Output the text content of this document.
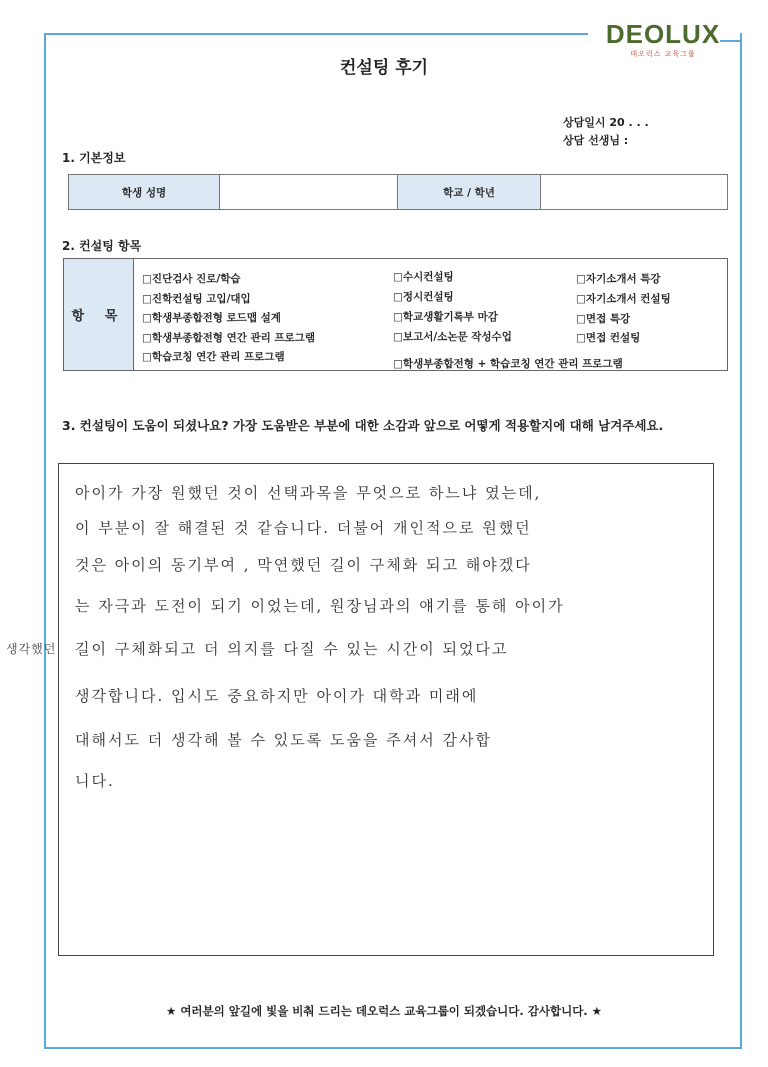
DEOLUX
데오럭스 교육그룹
컨설팅 후기
상담일시 20 . . .
상담 선생님 :
1. 기본정보
학생 성명		학교 / 학년	
2. 컨설팅 항목
항 목
□진단검사 진로/학습
□진학컨설팅 고입/대입
□학생부종합전형 로드맵 설계
□학생부종합전형 연간 관리 프로그램
□학습코칭 연간 관리 프로그램
□수시컨설팅
□정시컨설팅
□학교생활기록부 마감
□보고서/소논문 작성수업
□학생부종합전형 + 학습코칭 연간 관리 프로그램
□자기소개서 특강
□자기소개서 컨설팅
□면접 특강
□면접 컨설팅
3. 컨설팅이 도움이 되셨나요? 가장 도움받은 부분에 대한 소감과 앞으로 어떻게 적용할지에 대해 남겨주세요.
생각했던
아이가 가장 원했던 것이 선택과목을 무엇으로 하느냐 였는데,
이 부분이 잘 해결된 것 같습니다. 더불어 개인적으로 원했던
것은 아이의 동기부여 , 막연했던 길이 구체화 되고 해야겠다
는 자극과 도전이 되기 이었는데, 원장님과의 얘기를 통해 아이가
길이 구체화되고 더 의지를 다질 수 있는 시간이 되었다고
생각합니다. 입시도 중요하지만 아이가 대학과 미래에
대해서도 더 생각해 볼 수 있도록 도움을 주셔서 감사합
니다.
★ 여러분의 앞길에 빛을 비춰 드리는 데오럭스 교육그룹이 되겠습니다. 감사합니다. ★
